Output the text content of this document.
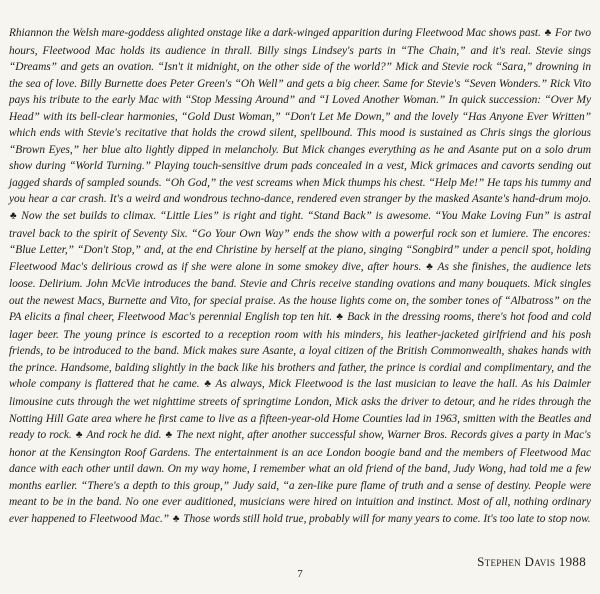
Rhiannon the Welsh mare-goddess alighted onstage like a dark-winged apparition during Fleetwood Mac shows past. ♣ For two hours, Fleetwood Mac holds its audience in thrall. Billy sings Lindsey's parts in “The Chain,” and it's real. Stevie sings “Dreams” and gets an ovation. “Isn't it midnight, on the other side of the world?” Mick and Stevie rock “Sara,” drowning in the sea of love. Billy Burnette does Peter Green's “Oh Well” and gets a big cheer. Same for Stevie's “Seven Wonders.” Rick Vito pays his tribute to the early Mac with “Stop Messing Around” and “I Loved Another Woman.” In quick succession: “Over My Head” with its bell-clear harmonies, “Gold Dust Woman,” “Don't Let Me Down,” and the lovely “Has Anyone Ever Written” which ends with Stevie's recitative that holds the crowd silent, spellbound. This mood is sustained as Chris sings the glorious “Brown Eyes,” her blue alto lightly dipped in melancholy. But Mick changes everything as he and Asante put on a solo drum show during “World Turning.” Playing touch-sensitive drum pads concealed in a vest, Mick grimaces and cavorts sending out jagged shards of sampled sounds. “Oh God,” the vest screams when Mick thumps his chest. “Help Me!” He taps his tummy and you hear a car crash. It's a weird and wondrous techno-dance, rendered even stranger by the masked Asante's hand-drum mojo. ♣ Now the set builds to climax. “Little Lies” is right and tight. “Stand Back” is awesome. “You Make Loving Fun” is astral travel back to the spirit of Seventy Six. “Go Your Own Way” ends the show with a powerful rock son et lumiere. The encores: “Blue Letter,” “Don't Stop,” and, at the end Christine by herself at the piano, singing “Songbird” under a pencil spot, holding Fleetwood Mac's delirious crowd as if she were alone in some smokey dive, after hours. ♣ As she finishes, the audience lets loose. Delirium. John McVie introduces the band. Stevie and Chris receive standing ovations and many bouquets. Mick singles out the newest Macs, Burnette and Vito, for special praise. As the house lights come on, the somber tones of “Albatross” on the PA elicits a final cheer, Fleetwood Mac's perennial English top ten hit. ♣ Back in the dressing rooms, there's hot food and cold lager beer. The young prince is escorted to a reception room with his minders, his leather-jacketed girlfriend and his posh friends, to be introduced to the band. Mick makes sure Asante, a loyal citizen of the British Commonwealth, shakes hands with the prince. Handsome, balding slightly in the back like his brothers and father, the prince is cordial and complimentary, and the whole company is flattered that he came. ♣ As always, Mick Fleetwood is the last musician to leave the hall. As his Daimler limousine cuts through the wet nighttime streets of springtime London, Mick asks the driver to detour, and he rides through the Notting Hill Gate area where he first came to live as a fifteen-year-old Home Counties lad in 1963, smitten with the Beatles and ready to rock. ♣ And rock he did. ♣ The next night, after another successful show, Warner Bros. Records gives a party in Mac's honor at the Kensington Roof Gardens. The entertainment is an ace London boogie band and the members of Fleetwood Mac dance with each other until dawn. On my way home, I remember what an old friend of the band, Judy Wong, had told me a few months earlier. “There's a depth to this group,” Judy said, “a zen-like pure flame of truth and a sense of destiny. People were meant to be in the band. No one ever auditioned, musicians were hired on intuition and instinct. Most of all, nothing ordinary ever happened to Fleetwood Mac.” ♣ Those words still hold true, probably will for many years to come. It's too late to stop now.

Stephen Davis 1988

7
